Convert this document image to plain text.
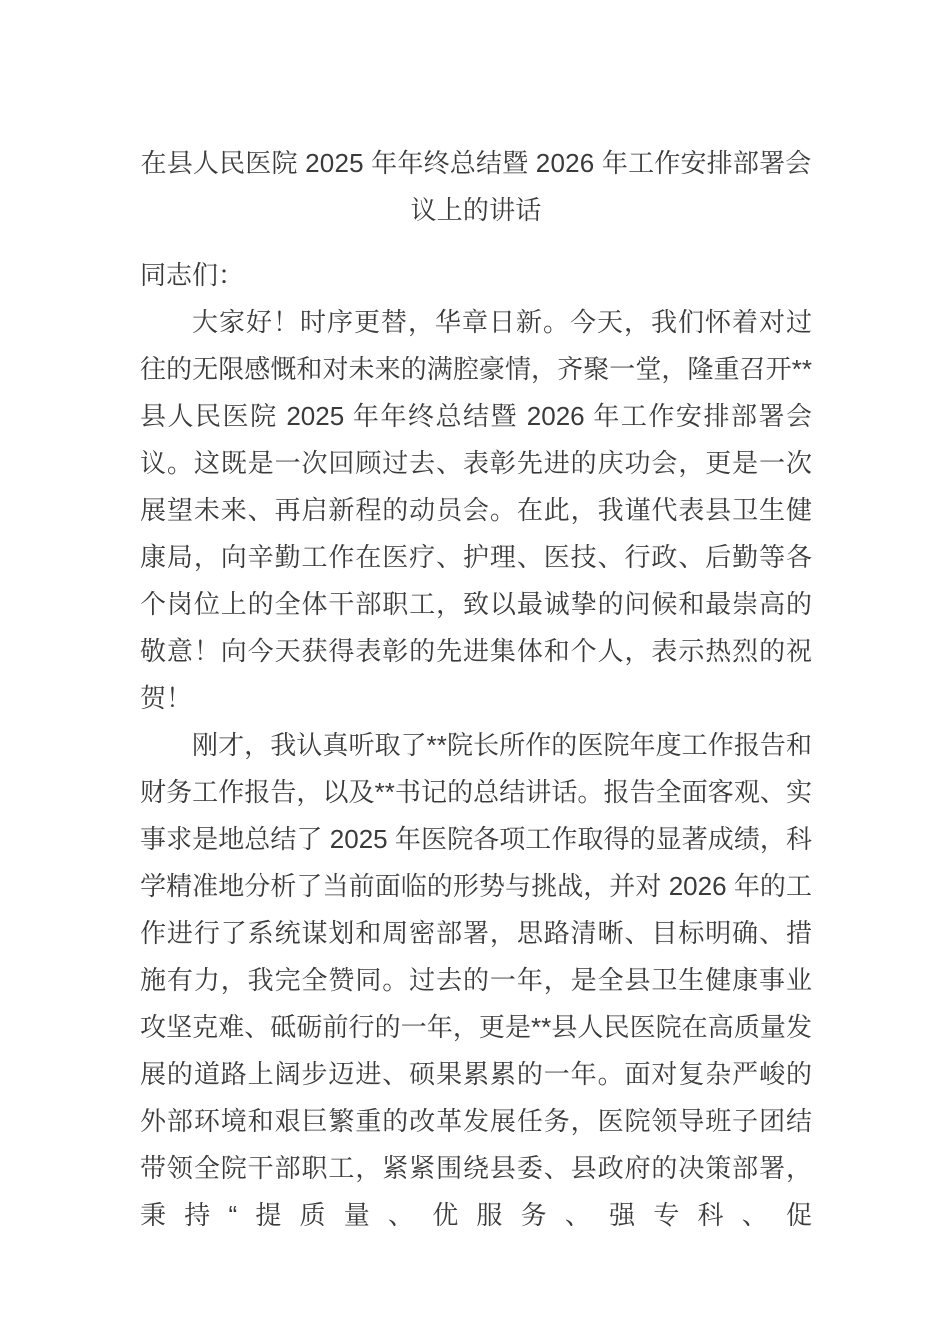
在县人民医院 2025 年年终总结暨 2026 年工作安排部署会议上的讲话

同志们：

大家好！时序更替，华章日新。今天，我们怀着对过往的无限感慨和对未来的满腔豪情，齐聚一堂，隆重召开**县人民医院 2025 年年终总结暨 2026 年工作安排部署会议。这既是一次回顾过去、表彰先进的庆功会，更是一次展望未来、再启新程的动员会。在此，我谨代表县卫生健康局，向辛勤工作在医疗、护理、医技、行政、后勤等各个岗位上的全体干部职工，致以最诚挚的问候和最崇高的敬意！向今天获得表彰的先进集体和个人，表示热烈的祝贺！

刚才，我认真听取了**院长所作的医院年度工作报告和财务工作报告，以及**书记的总结讲话。报告全面客观、实事求是地总结了 2025 年医院各项工作取得的显著成绩，科学精准地分析了当前面临的形势与挑战，并对 2026 年的工作进行了系统谋划和周密部署，思路清晰、目标明确、措施有力，我完全赞同。过去的一年，是全县卫生健康事业攻坚克难、砥砺前行的一年，更是**县人民医院在高质量发展的道路上阔步迈进、硕果累累的一年。面对复杂严峻的外部环境和艰巨繁重的改革发展任务，医院领导班子团结带领全院干部职工，紧紧围绕县委、县政府的决策部署，秉持“提质量、优服务、强专科、促
